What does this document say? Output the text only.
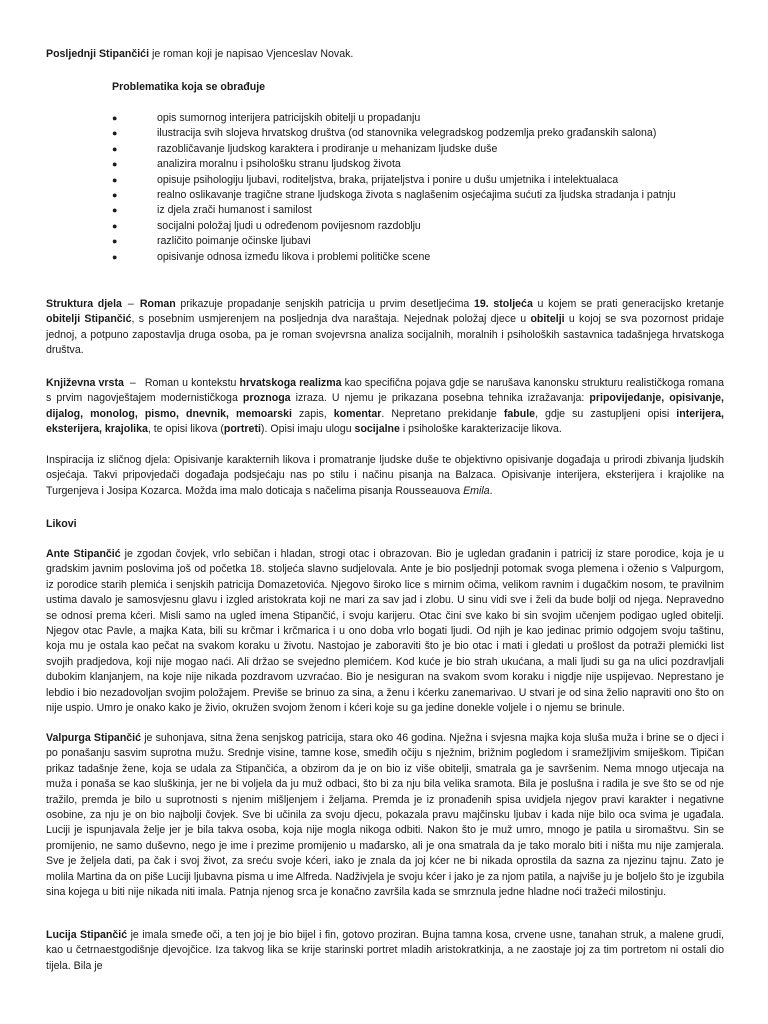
Posljednji Stipančići je roman koji je napisao Vjenceslav Novak.

Problematika koja se obrađuje

●	opis sumornog interijera patricijskih obitelji u propadanju
●	ilustracija svih slojeva hrvatskog društva (od stanovnika velegradskog podzemlja preko građanskih salona)
●	razobličavanje ljudskog karaktera i prodiranje u mehanizam ljudske duše
●	analizira moralnu i psihološku stranu ljudskog života
●	opisuje psihologiju ljubavi, roditeljstva, braka, prijateljstva i ponire u dušu umjetnika i intelektualaca
●	realno oslikavanje tragične strane ljudskoga života s naglašenim osjećajima sućuti za ljudska stradanja i patnju
●	iz djela zrači humanost i samilost
●	socijalni položaj ljudi u određenom povijesnom razdoblju
●	različito poimanje očinske ljubavi
●	opisivanje odnosa između likova i problemi političke scene

Struktura djela – Roman prikazuje propadanje senjskih patricija u prvim desetljećima 19. stoljeća u kojem se prati generacijsko kretanje obitelji Stipančić, s posebnim usmjerenjem na posljednja dva naraštaja. Nejednak položaj djece u obitelji u kojoj se sva pozornost pridaje jednoj, a potpuno zapostavlja druga osoba, pa je roman svojevrsna analiza socijalnih, moralnih i psiholoških sastavnica tadašnjega hrvatskoga društva.

Književna vrsta – Roman u kontekstu hrvatskoga realizma kao specifična pojava gdje se narušava kanonsku strukturu realističkoga romana s prvim nagovještajem modernističkoga proznoga izraza. U njemu je prikazana posebna tehnika izražavanja: pripovijedanje, opisivanje, dijalog, monolog, pismo, dnevnik, memoarski zapis, komentar. Nepretano prekidanje fabule, gdje su zastupljeni opisi interijera, eksterijera, krajolika, te opisi likova (portreti). Opisi imaju ulogu socijalne i psihološke karakterizacije likova.

Inspiracija iz sličnog djela: Opisivanje karakternih likova i promatranje ljudske duše te objektivno opisivanje događaja u prirodi zbivanja ljudskih osjećaja. Takvi pripovjedači događaja podsjećaju nas po stilu i načinu pisanja na Balzaca. Opisivanje interijera, eksterijera i krajolike na Turgenjeva i Josipa Kozarca. Možda ima malo doticaja s načelima pisanja Rousseauova Emila.

Likovi

Ante Stipančić je zgodan čovjek, vrlo sebičan i hladan, strogi otac i obrazovan. Bio je ugledan građanin i patricij iz stare porodice, koja je u gradskim javnim poslovima još od početka 18. stoljeća slavno sudjelovala. Ante je bio posljednji potomak svoga plemena i oženio s Valpurgom, iz porodice starih plemića i senjskih patricija Domazetovića. Njegovo široko lice s mirnim očima, velikom ravnim i dugačkim nosom, te pravilnim ustima davalo je samosvjesnu glavu i izgled aristokrata koji ne mari za sav jad i zlobu. U sinu vidi sve i želi da bude bolji od njega. Nepravedno se odnosi prema kćeri. Misli samo na ugled imena Stipančić, i svoju karijeru. Otac čini sve kako bi sin svojim učenjem podigao ugled obitelji. Njegov otac Pavle, a majka Kata, bili su krčmar i krčmarica i u ono doba vrlo bogati ljudi. Od njih je kao jedinac primio odgojem svoju taštinu, koja mu je ostala kao pečat na svakom koraku u životu. Nastojao je zaboraviti što je bio otac i mati i gledati u prošlost da potraži plemićki list svojih pradjedova, koji nije mogao naći. Ali držao se svejedno plemićem. Kod kuće je bio strah ukućana, a mali ljudi su ga na ulici pozdravljali dubokim klanjanjem, na koje nije nikada pozdravom uzvraćao. Bio je nesiguran na svakom svom koraku i nigdje nije uspijevao. Neprestano je lebdio i bio nezadovoljan svojim položajem. Previše se brinuo za sina, a ženu i kćerku zanemarivao. U stvari je od sina želio napraviti ono što on nije uspio. Umro je onako kako je živio, okružen svojom ženom i kćeri koje su ga jedine donekle voljele i o njemu se brinule.

Valpurga Stipančić je suhonjava, sitna žena senjskog patricija, stara oko 46 godina. Nježna i svjesna majka koja sluša muža i brine se o djeci i po ponašanju sasvim suprotna mužu. Srednje visine, tamne kose, smeđih očiju s nježnim, brižnim pogledom i sramežljivim smiješkom. Tipičan prikaz tadašnje žene, koja se udala za Stipančića, a obzirom da je on bio iz više obitelji, smatrala ga je savršenim. Nema mnogo utjecaja na muža i ponaša se kao sluškinja, jer ne bi voljela da ju muž odbaci, što bi za nju bila velika sramota. Bila je poslušna i radila je sve što se od nje tražilo, premda je bilo u suprotnosti s njenim mišljenjem i željama. Premda je iz pronađenih spisa uvidjela njegov pravi karakter i negativne osobine, za nju je on bio najbolji čovjek. Sve bi učinila za svoju djecu, pokazala pravu majčinsku ljubav i kada nije bilo oca svima je ugađala. Luciji je ispunjavala želje jer je bila takva osoba, koja nije mogla nikoga odbiti. Nakon što je muž umro, mnogo je patila u siromaštvu. Sin se promijenio, ne samo duševno, nego je ime i prezime promijenio u mađarsko, ali je ona smatrala da je tako moralo biti i ništa mu nije zamjerala. Sve je željela dati, pa čak i svoj život, za sreću svoje kćeri, iako je znala da joj kćer ne bi nikada oprostila da sazna za njezinu tajnu. Zato je molila Martina da on piše Luciji ljubavna pisma u ime Alfreda. Nadživjela je svoju kćer i jako je za njom patila, a najviše ju je boljelo što je izgubila sina kojega u biti nije nikada niti imala. Patnja njenog srca je konačno završila kada se smrznula jedne hladne noći tražeći milostinju.

Lucija Stipančić je imala smeđe oči, a ten joj je bio bijel i fin, gotovo proziran. Bujna tamna kosa, crvene usne, tanahan struk, a malene grudi, kao u četrnaestgodišnje djevojčice. Iza takvog lika se krije starinski portret mladih aristokratkinja, a ne zaostaje joj za tim portretom ni ostali dio tijela. Bila je
